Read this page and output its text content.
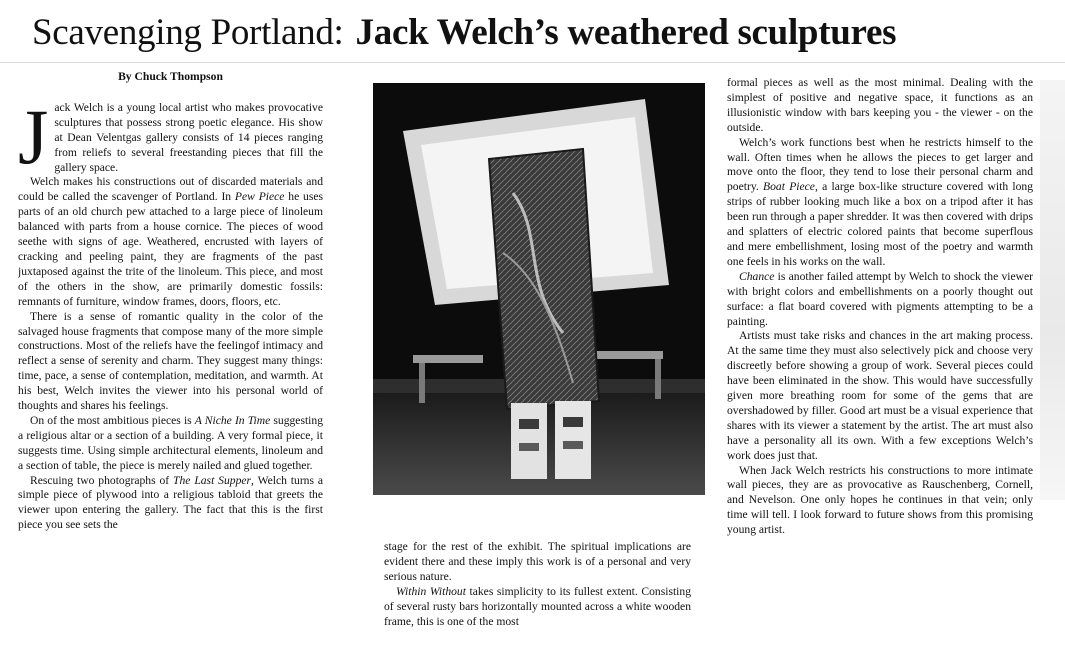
Scavenging Portland: Jack Welch’s weathered sculptures
By Chuck Thompson

Jack Welch is a young local artist who makes provocative sculptures that possess strong poetic elegance. His show at Dean Velentgas gallery consists of 14 pieces ranging from reliefs to several freestanding pieces that fill the gallery space.

Welch makes his constructions out of discarded materials and could be called the scavenger of Portland. In Pew Piece he uses parts of an old church pew attached to a large piece of linoleum balanced with parts from a house cornice. The pieces of wood seethe with signs of age. Weathered, encrusted with layers of cracking and peeling paint, they are fragments of the past juxtaposed against the trite of the linoleum. This piece, and most of the others in the show, are primarily domestic fossils: remnants of furniture, window frames, doors, floors, etc.

There is a sense of romantic quality in the color of the salvaged house fragments that compose many of the more simple constructions. Most of the reliefs have the feelingof intimacy and reflect a sense of serenity and charm. They suggest many things: time, pace, a sense of contemplation, meditation, and warmth. At his best, Welch invites the viewer into his personal world of thoughts and shares his feelings.

On of the most ambitious pieces is A Niche In Time suggesting a religious altar or a section of a building. A very formal piece, it suggests time. Using simple architectural elements, linoleum and a section of table, the piece is merely nailed and glued together.

Rescuing two photographs of The Last Supper, Welch turns a simple piece of plywood into a religious tabloid that greets the viewer upon entering the gallery. The fact that this is the first piece you see sets the

stage for the rest of the exhibit. The spiritual implications are evident there and these imply this work is of a personal and very serious nature.

Within Without takes simplicity to its fullest extent. Consisting of several rusty bars horizontally mounted across a white wooden frame, this is one of the most

formal pieces as well as the most minimal. Dealing with the simplest of positive and negative space, it functions as an illusionistic window with bars keeping you - the viewer - on the outside.

Welch’s work functions best when he restricts himself to the wall. Often times when he allows the pieces to get larger and move onto the floor, they tend to lose their personal charm and poetry. Boat Piece, a large box-like structure covered with long strips of rubber looking much like a box on a tripod after it has been run through a paper shredder. It was then covered with drips and splatters of electric colored paints that become superflous and mere embellishment, losing most of the poetry and warmth one feels in his works on the wall.

Chance is another failed attempt by Welch to shock the viewer with bright colors and embellishments on a poorly thought out surface: a flat board covered with pigments attempting to be a painting.

Artists must take risks and chances in the art making process. At the same time they must also selectively pick and choose very discreetly before showing a group of work. Several pieces could have been eliminated in the show. This would have successfully given more breathing room for some of the gems that are overshadowed by filler. Good art must be a visual experience that shares with its viewer a statement by the artist. The art must also have a personality all its own. With a few exceptions Welch’s work does just that.

When Jack Welch restricts his constructions to more intimate wall pieces, they are as provocative as Rauschenberg, Cornell, and Nevelson. One only hopes he continues in that vein; only time will tell. I look forward to future shows from this promising young artist.
